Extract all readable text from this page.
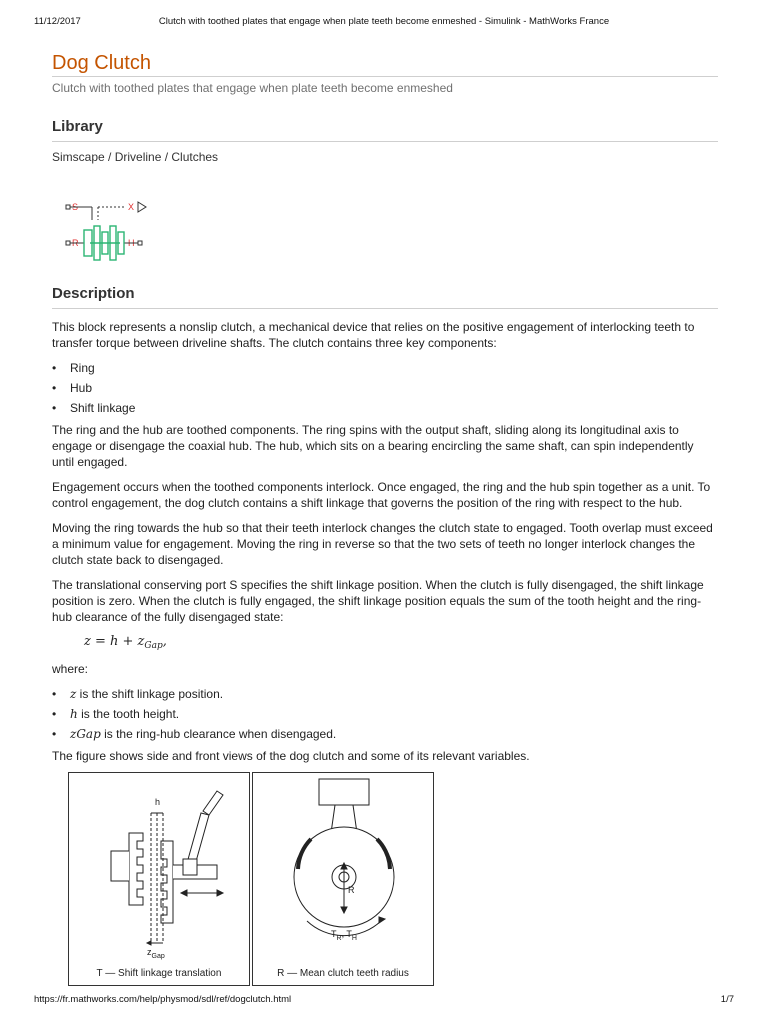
11/12/2017	Clutch with toothed plates that engage when plate teeth become enmeshed - Simulink - MathWorks France
Dog Clutch
Clutch with toothed plates that engage when plate teeth become enmeshed
Library
Simscape / Driveline / Clutches
S	X
R	H
Description

This block represents a nonslip clutch, a mechanical device that relies on the positive engagement of interlocking teeth to transfer torque between driveline shafts. The clutch contains three key components:

• Ring
• Hub
• Shift linkage

The ring and the hub are toothed components. The ring spins with the output shaft, sliding along its longitudinal axis to engage or disengage the coaxial hub. The hub, which sits on a bearing encircling the same shaft, can spin independently until engaged.

Engagement occurs when the toothed components interlock. Once engaged, the ring and the hub spin together as a unit. To control engagement, the dog clutch contains a shift linkage that governs the position of the ring with respect to the hub.

Moving the ring towards the hub so that their teeth interlock changes the clutch state to engaged. Tooth overlap must exceed a minimum value for engagement. Moving the ring in reverse so that the two sets of teeth no longer interlock changes the clutch state back to disengaged.

The translational conserving port S specifies the shift linkage position. When the clutch is fully disengaged, the shift linkage position is zero. When the clutch is fully engaged, the shift linkage position equals the sum of the tooth height and the ring-hub clearance of the fully disengaged state:

$z = h + z_{Gap}$,

where:

• z is the shift linkage position.
• h is the tooth height.
• zGap is the ring-hub clearance when disengaged.

The figure shows side and front views of the dog clutch and some of its relevant variables.

h
$z_{Gap}$
T — Shift linkage translation
R
$T_R$, $T_H$
R — Mean clutch teeth radius
https://fr.mathworks.com/help/physmod/sdl/ref/dogclutch.html	1/7
